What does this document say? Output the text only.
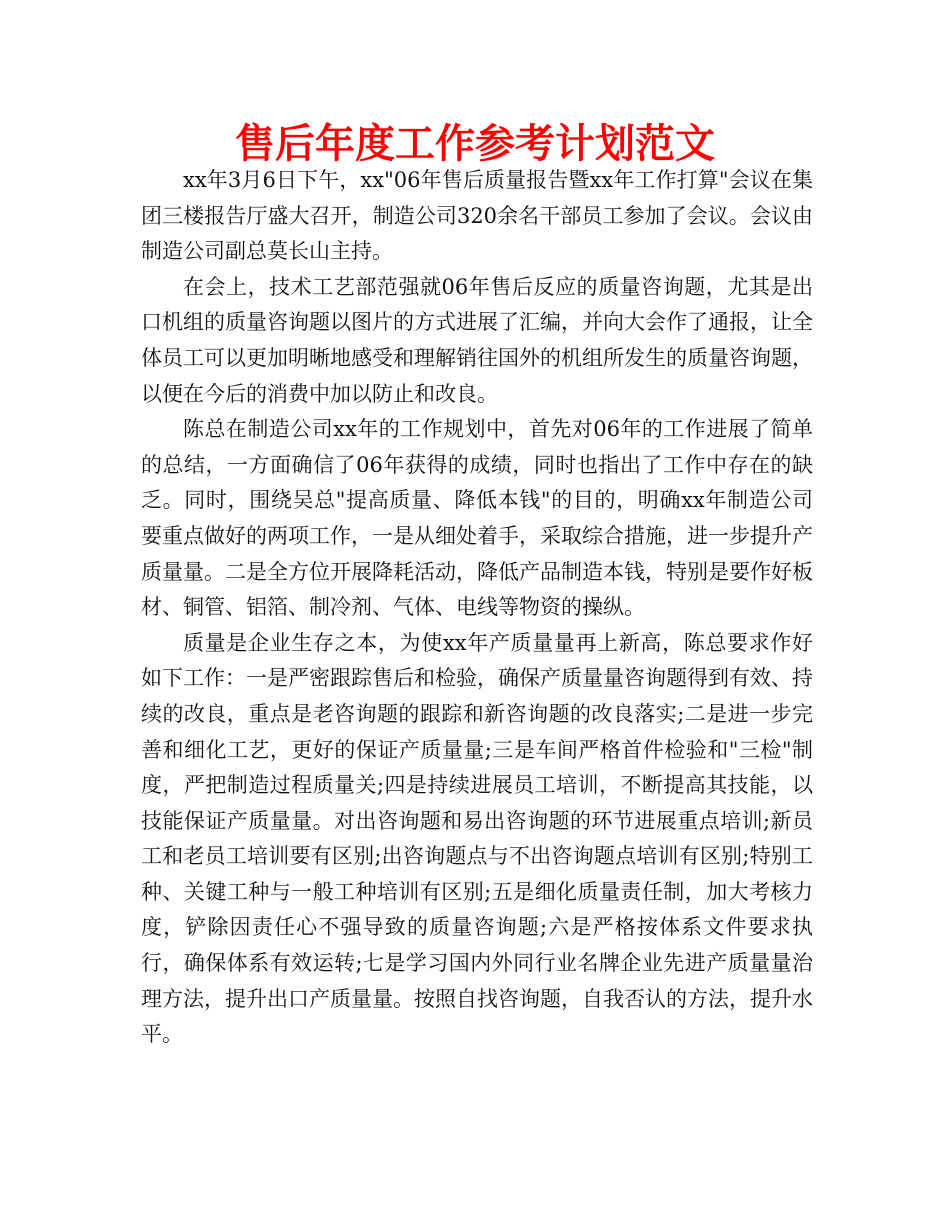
售后年度工作参考计划范文

xx年3月6日下午，xx"06年售后质量报告暨xx年工作打算"会议在集团三楼报告厅盛大召开，制造公司320余名干部员工参加了会议。会议由制造公司副总莫长山主持。

在会上，技术工艺部范强就06年售后反应的质量咨询题，尤其是出口机组的质量咨询题以图片的方式进展了汇编，并向大会作了通报，让全体员工可以更加明晰地感受和理解销往国外的机组所发生的质量咨询题，以便在今后的消费中加以防止和改良。

陈总在制造公司xx年的工作规划中，首先对06年的工作进展了简单的总结，一方面确信了06年获得的成绩，同时也指出了工作中存在的缺乏。同时，围绕吴总"提高质量、降低本钱"的目的，明确xx年制造公司要重点做好的两项工作，一是从细处着手，采取综合措施，进一步提升产质量量。二是全方位开展降耗活动，降低产品制造本钱，特别是要作好板材、铜管、铝箔、制冷剂、气体、电线等物资的操纵。

质量是企业生存之本，为使xx年产质量量再上新高，陈总要求作好如下工作：一是严密跟踪售后和检验，确保产质量量咨询题得到有效、持续的改良，重点是老咨询题的跟踪和新咨询题的改良落实;二是进一步完善和细化工艺，更好的保证产质量量;三是车间严格首件检验和"三检"制度，严把制造过程质量关;四是持续进展员工培训，不断提高其技能，以技能保证产质量量。对出咨询题和易出咨询题的环节进展重点培训;新员工和老员工培训要有区别;出咨询题点与不出咨询题点培训有区别;特别工种、关键工种与一般工种培训有区别;五是细化质量责任制，加大考核力度，铲除因责任心不强导致的质量咨询题;六是严格按体系文件要求执行，确保体系有效运转;七是学习国内外同行业名牌企业先进产质量量治理方法，提升出口产质量量。按照自找咨询题，自我否认的方法，提升水平。
